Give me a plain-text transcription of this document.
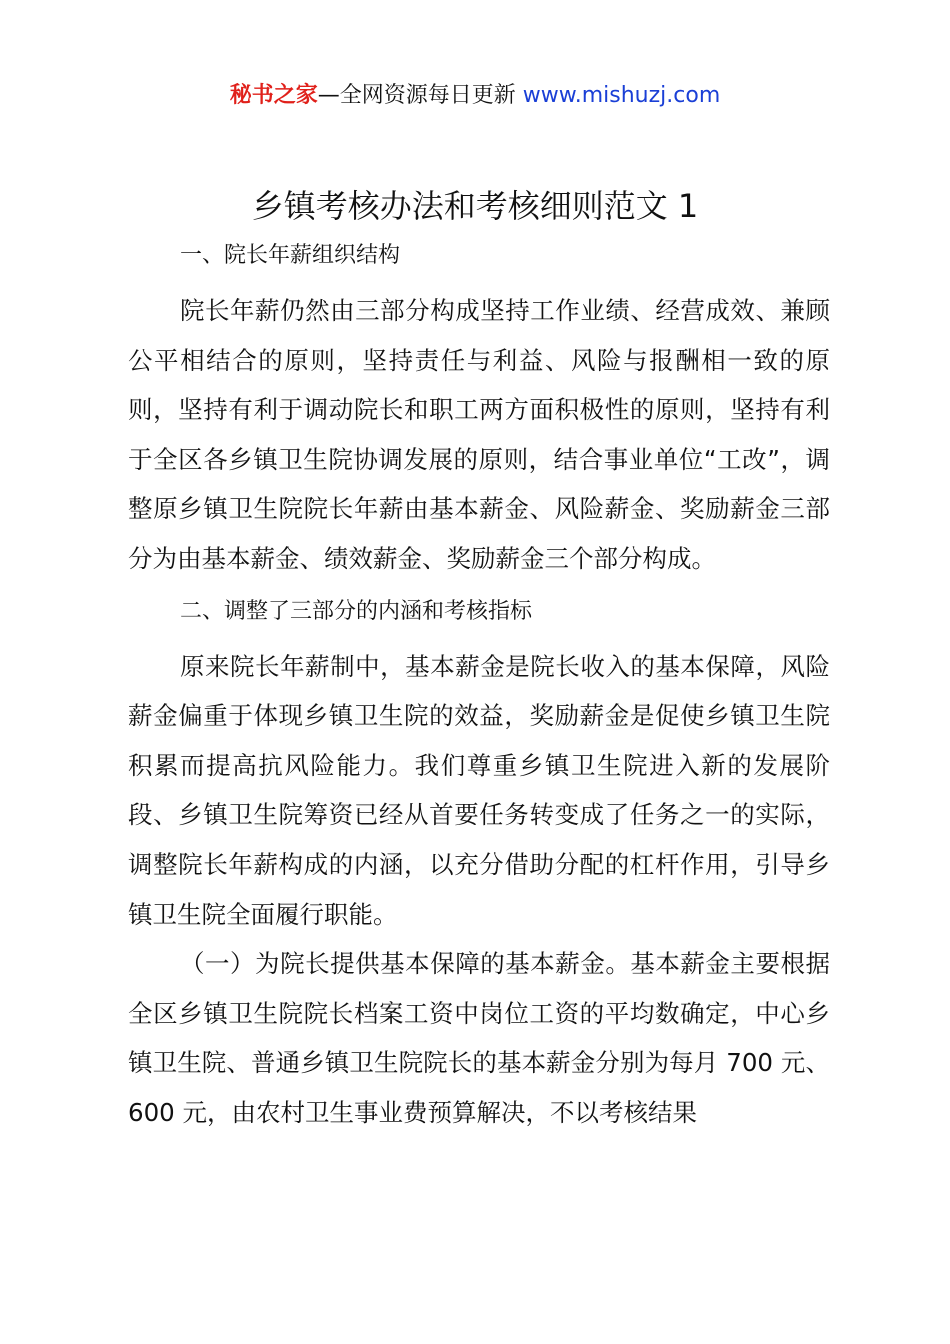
秘书之家—全网资源每日更新 www.mishuzj.com
乡镇考核办法和考核细则范文 1
一、院长年薪组织结构

院长年薪仍然由三部分构成坚持工作业绩、经营成效、兼顾公平相结合的原则，坚持责任与利益、风险与报酬相一致的原则，坚持有利于调动院长和职工两方面积极性的原则，坚持有利于全区各乡镇卫生院协调发展的原则，结合事业单位“工改”，调整原乡镇卫生院院长年薪由基本薪金、风险薪金、奖励薪金三部分为由基本薪金、绩效薪金、奖励薪金三个部分构成。

二、调整了三部分的内涵和考核指标

原来院长年薪制中，基本薪金是院长收入的基本保障，风险薪金偏重于体现乡镇卫生院的效益，奖励薪金是促使乡镇卫生院积累而提高抗风险能力。我们尊重乡镇卫生院进入新的发展阶段、乡镇卫生院筹资已经从首要任务转变成了任务之一的实际，调整院长年薪构成的内涵，以充分借助分配的杠杆作用，引导乡镇卫生院全面履行职能。

（一）为院长提供基本保障的基本薪金。基本薪金主要根据全区乡镇卫生院院长档案工资中岗位工资的平均数确定，中心乡镇卫生院、普通乡镇卫生院院长的基本薪金分别为每月 700 元、600 元，由农村卫生事业费预算解决，不以考核结果
